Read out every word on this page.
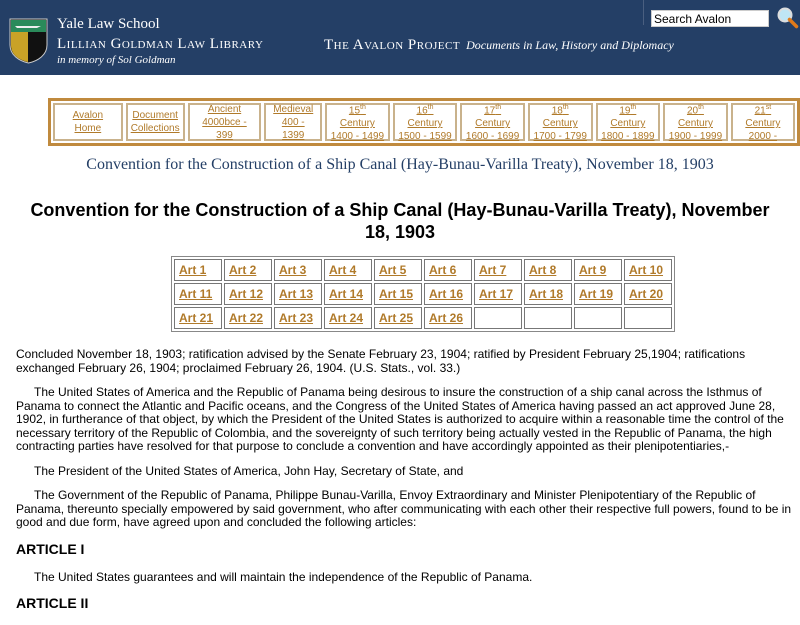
Yale Law School
Lillian Goldman Law Library
in memory of Sol Goldman
The Avalon Project Documents in Law, History and Diplomacy
Search Avalon
Avalon Home
Document
Collections
Ancient
4000bce - 399
Medieval
400 - 1399
15th Century
1400 - 1499
16th Century
1500 - 1599
17th Century
1600 - 1699
18th Century
1700 - 1799
19th Century
1800 - 1899
20th Century
1900 - 1999
21st Century
2000 -
Convention for the Construction of a Ship Canal (Hay-Bunau-Varilla Treaty), November 18, 1903
Convention for the Construction of a Ship Canal (Hay-Bunau-Varilla Treaty), November 18, 1903
Art 1	Art 2	Art 3	Art 4	Art 5	Art 6	Art 7	Art 8	Art 9	Art 10
Art 11	Art 12	Art 13	Art 14	Art 15	Art 16	Art 17	Art 18	Art 19	Art 20
Art 21	Art 22	Art 23	Art 24	Art 25	Art 26				

Concluded November 18, 1903; ratification advised by the Senate February 23, 1904; ratified by President February 25,1904; ratifications exchanged February 26, 1904; proclaimed February 26, 1904. (U.S. Stats., vol. 33.)

The United States of America and the Republic of Panama being desirous to insure the construction of a ship canal across the Isthmus of Panama to connect the Atlantic and Pacific oceans, and the Congress of the United States of America having passed an act approved June 28, 1902, in furtherance of that object, by which the President of the United States is authorized to acquire within a reasonable time the control of the necessary territory of the Republic of Colombia, and the sovereignty of such territory being actually vested in the Republic of Panama, the high contracting parties have resolved for that purpose to conclude a convention and have accordingly appointed as their plenipotentiaries,-

The President of the United States of America, John Hay, Secretary of State, and

The Government of the Republic of Panama, Philippe Bunau-Varilla, Envoy Extraordinary and Minister Plenipotentiary of the Republic of Panama, thereunto specially empowered by said government, who after communicating with each other their respective full powers, found to be in good and due form, have agreed upon and concluded the following articles:

ARTICLE I

The United States guarantees and will maintain the independence of the Republic of Panama.

ARTICLE II
